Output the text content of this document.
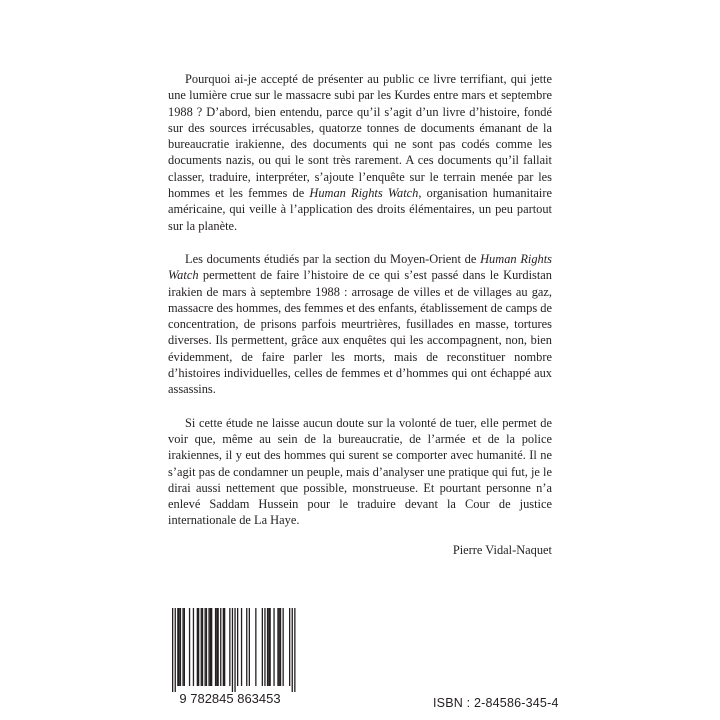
Pourquoi ai-je accepté de présenter au public ce livre terrifiant, qui jette une lumière crue sur le massacre subi par les Kurdes entre mars et septembre 1988 ? D’abord, bien entendu, parce qu’il s’agit d’un livre d’histoire, fondé sur des sources irrécusables, quatorze tonnes de documents émanant de la bureaucratie irakienne, des documents qui ne sont pas codés comme les documents nazis, ou qui le sont très rarement. A ces documents qu’il fallait classer, traduire, interpréter, s’ajoute l’enquête sur le terrain menée par les hommes et les femmes de Human Rights Watch, organisation humanitaire américaine, qui veille à l’application des droits élémentaires, un peu partout sur la planète.

Les documents étudiés par la section du Moyen-Orient de Human Rights Watch permettent de faire l’histoire de ce qui s’est passé dans le Kurdistan irakien de mars à septembre 1988 : arrosage de villes et de villages au gaz, massacre des hommes, des femmes et des enfants, établissement de camps de concentration, de prisons parfois meurtrières, fusillades en masse, tortures diverses. Ils permettent, grâce aux enquêtes qui les accompagnent, non, bien évidemment, de faire parler les morts, mais de reconstituer nombre d’histoires individuelles, celles de femmes et d’hommes qui ont échappé aux assassins.

Si cette étude ne laisse aucun doute sur la volonté de tuer, elle permet de voir que, même au sein de la bureaucratie, de l’armée et de la police irakiennes, il y eut des hommes qui surent se comporter avec humanité. Il ne s’agit pas de condamner un peuple, mais d’analyser une pratique qui fut, je le dirai aussi nettement que possible, monstrueuse. Et pourtant personne n’a enlevé Saddam Hussein pour le traduire devant la Cour de justice internationale de La Haye.

Pierre Vidal-Naquet

9 782845 863453	ISBN : 2-84586-345-4
